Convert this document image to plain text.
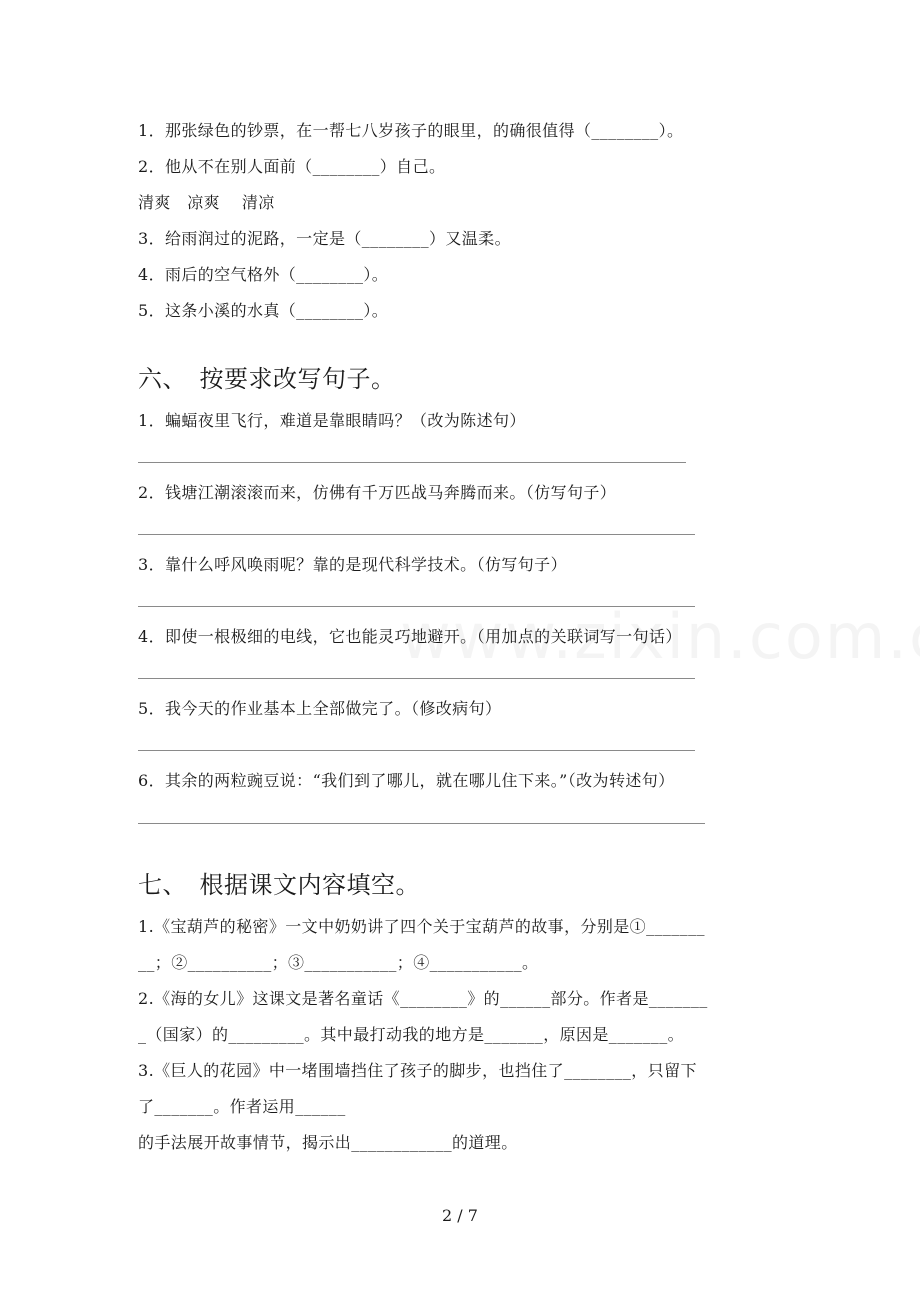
1．那张绿色的钞票，在一帮七八岁孩子的眼里，的确很值得（________）。
2．他从不在别人面前（________）自己。
清爽　凉爽　 清凉
3．给雨润过的泥路，一定是（________）又温柔。
4．雨后的空气格外（________）。
5．这条小溪的水真（________）。
六、　按要求改写句子。
1．蝙蝠夜里飞行，难道是靠眼睛吗？（改为陈述句）
2．钱塘江潮滚滚而来，仿佛有千万匹战马奔腾而来。（仿写句子）
3．靠什么呼风唤雨呢？靠的是现代科学技术。（仿写句子）
4．即使一根极细的电线，它也能灵巧地避开。（用加点的关联词写一句话）
5．我今天的作业基本上全部做完了。（修改病句）
6．其余的两粒豌豆说：“我们到了哪儿，就在哪儿住下来。”（改为转述句）
七、　根据课文内容填空。
1.《宝葫芦的秘密》一文中奶奶讲了四个关于宝葫芦的故事，分别是①_______
__；②__________；③___________；④___________。
2.《海的女儿》这课文是著名童话《________》的______部分。作者是_______
_（国家）的_________。其中最打动我的地方是_______，原因是_______。
3.《巨人的花园》中一堵围墙挡住了孩子的脚步，也挡住了________，只留下
了_______。作者运用______
的手法展开故事情节，揭示出____________的道理。
2 / 7
